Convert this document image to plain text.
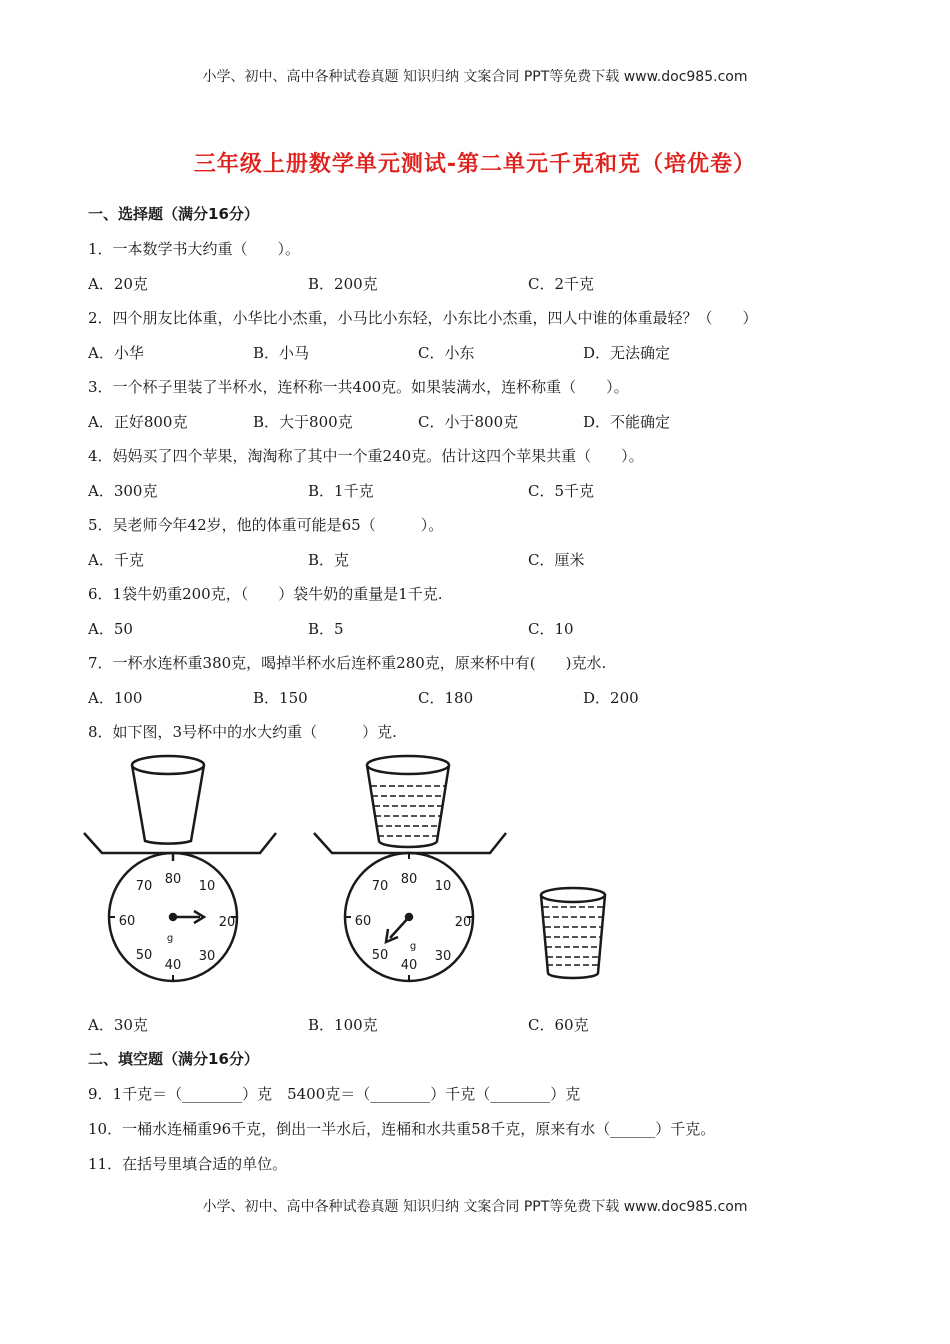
小学、初中、高中各种试卷真题 知识归纳 文案合同 PPT等免费下载 www.doc985.com
小学、初中、高中各种试卷真题 知识归纳 文案合同 PPT等免费下载 www.doc985.com
三年级上册数学单元测试-第二单元千克和克（培优卷）
一、选择题（满分16分）
1．一本数学书大约重（　　）。
A．20克	B．200克	C．2千克
2．四个朋友比体重，小华比小杰重，小马比小东轻，小东比小杰重，四人中谁的体重最轻？（　　）
A．小华	B．小马	C．小东	D．无法确定
3．一个杯子里装了半杯水，连杯称一共400克。如果装满水，连杯称重（　　）。
A．正好800克	B．大于800克	C．小于800克	D．不能确定
4．妈妈买了四个苹果，淘淘称了其中一个重240克。估计这四个苹果共重（　　）。
A．300克	B．1千克	C．5千克
5．吴老师今年42岁，他的体重可能是65（　　　）。
A．千克	B．克	C．厘米
6．1袋牛奶重200克，（　　）袋牛奶的重量是1千克.
A．50	B．5	C．10
7．一杯水连杯重380克，喝掉半杯水后连杯重280克，原来杯中有(　　)克水.
A．100	B．150	C．180	D．200
8．如下图，3号杯中的水大约重（　　　）克.
80 10
20
30
40
50
60
70
g
80 10
20
30
40
50
60
70
g
A．30克	B．100克	C．60克
二、填空题（满分16分）
9．1千克＝（________）克　5400克＝（________）千克（________）克
10．一桶水连桶重96千克，倒出一半水后，连桶和水共重58千克，原来有水（______）千克。
11．在括号里填合适的单位。
